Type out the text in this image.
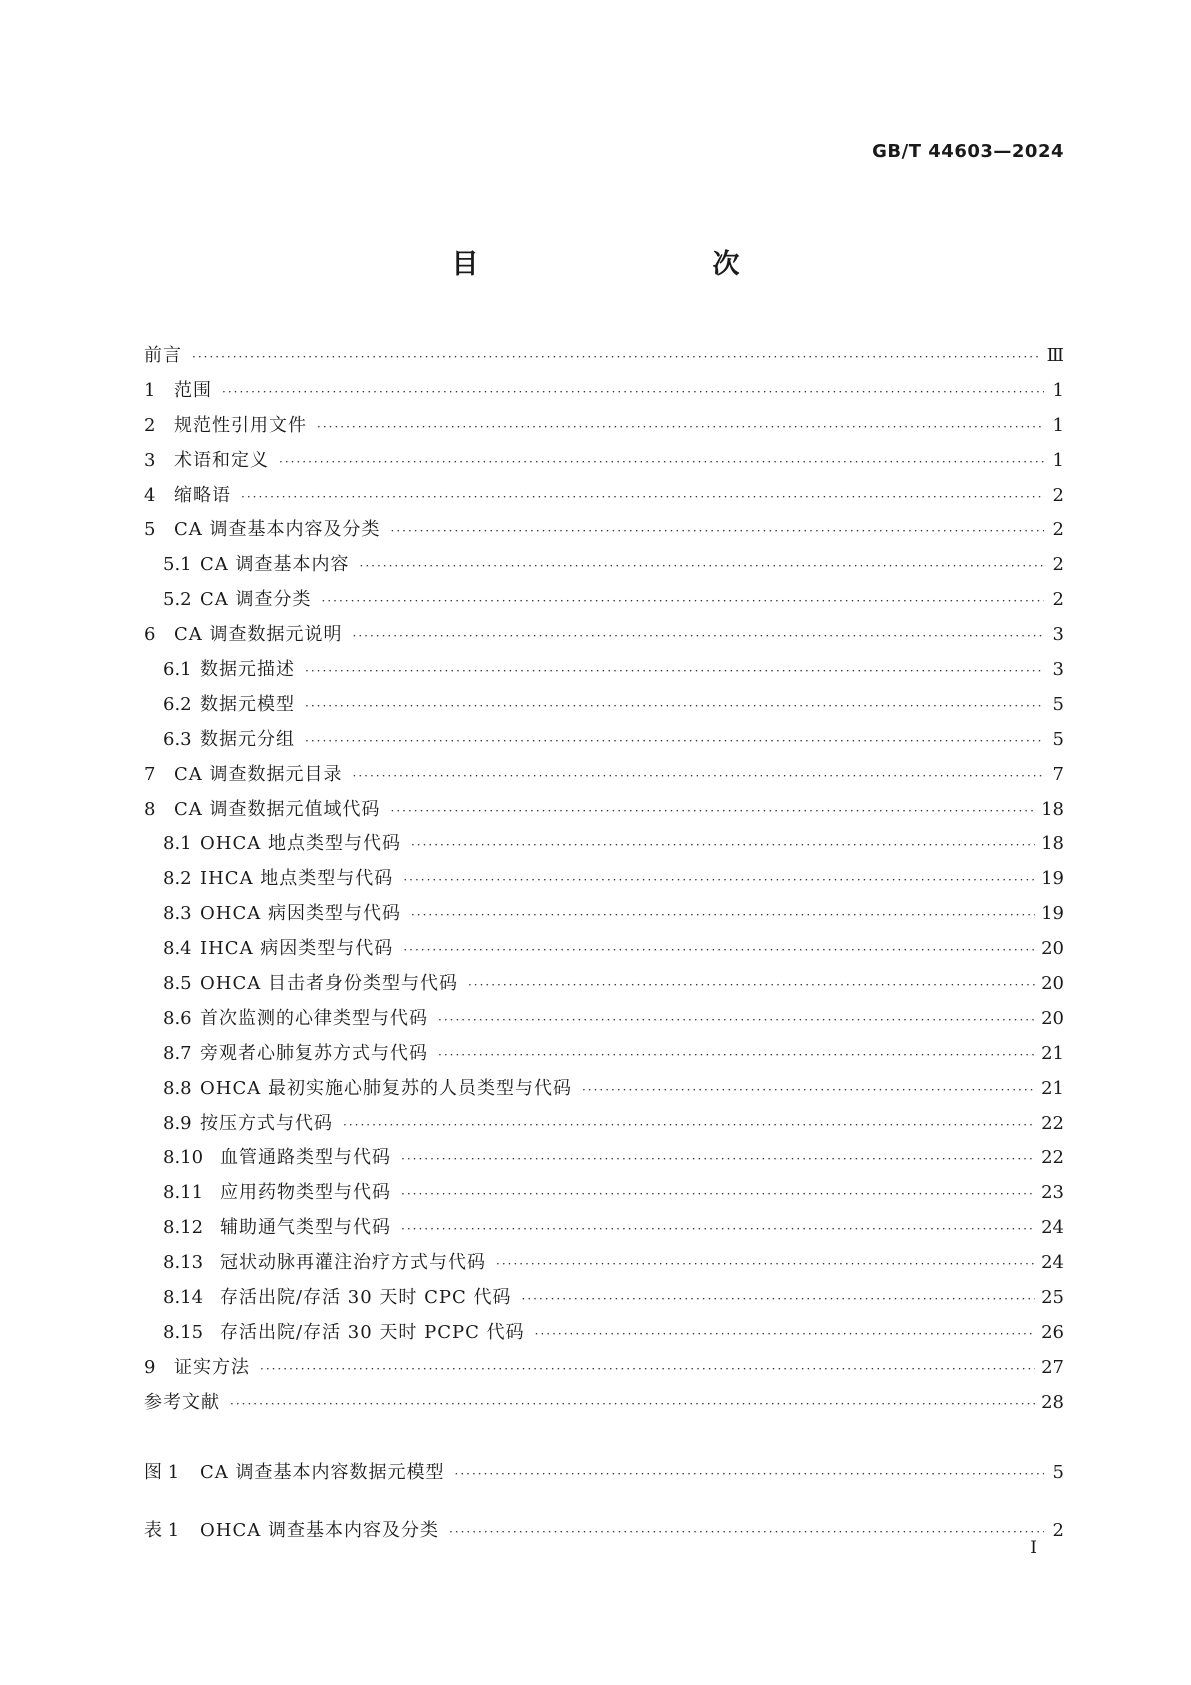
GB/T 44603—2024
目　　次
前言 ·····	Ⅲ
1	范围 ·····	1
2	规范性引用文件 ·····	1
3	术语和定义 ·····	1
4	缩略语 ·····	2
5	CA 调查基本内容及分类 ·····	2
5.1 CA 调查基本内容 ·····	2
5.2 CA 调查分类 ·····	2
6	CA 调查数据元说明 ·····	3
6.1 数据元描述 ·····	3
6.2 数据元模型 ·····	5
6.3 数据元分组 ·····	5
7	CA 调查数据元目录 ·····	7
8	CA 调查数据元值域代码 ·····	18
8.1 OHCA 地点类型与代码 ·····	18
8.2 IHCA 地点类型与代码 ·····	19
8.3 OHCA 病因类型与代码 ·····	19
8.4 IHCA 病因类型与代码 ·····	20
8.5 OHCA 目击者身份类型与代码 ·····	20
8.6 首次监测的心律类型与代码 ·····	20
8.7 旁观者心肺复苏方式与代码 ·····	21
8.8 OHCA 最初实施心肺复苏的人员类型与代码 ·····	21
8.9 按压方式与代码 ·····	22
8.10 血管通路类型与代码 ·····	22
8.11 应用药物类型与代码 ·····	23
8.12 辅助通气类型与代码 ·····	24
8.13 冠状动脉再灌注治疗方式与代码 ·····	24
8.14 存活出院/存活 30 天时 CPC 代码 ·····	25
8.15 存活出院/存活 30 天时 PCPC 代码 ·····	26
9	证实方法 ·····	27
参考文献 ·····	28
图 1	CA 调查基本内容数据元模型 ·····	5
表 1	OHCA 调查基本内容及分类 ·····	2
I
